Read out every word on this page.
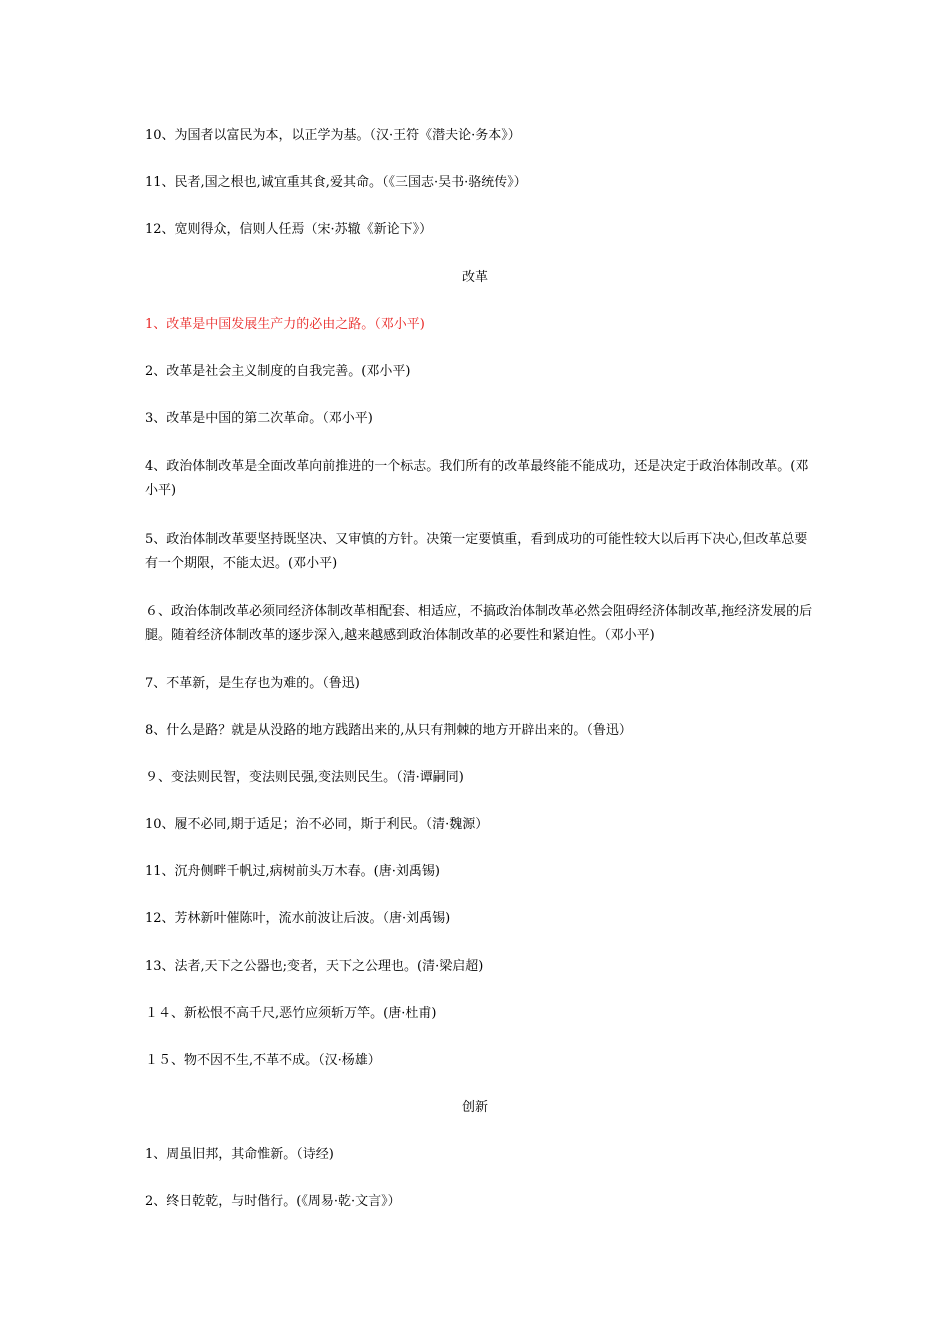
10、为国者以富民为本，以正学为基。（汉·王符《潜夫论·务本》）
11、民者,国之根也,诚宜重其食,爱其命。（《三国志·吴书·骆统传》）
12、宽则得众，信则人任焉（宋·苏辙《新论下》）
改革
1、改革是中国发展生产力的必由之路。（邓小平)
2、改革是社会主义制度的自我完善。(邓小平)
3、改革是中国的第二次革命。（邓小平)
4、政治体制改革是全面改革向前推进的一个标志。我们所有的改革最终能不能成功，还是决定于政治体制改革。(邓小平)
5、政治体制改革要坚持既坚决、又审慎的方针。决策一定要慎重，看到成功的可能性较大以后再下决心,但改革总要有一个期限，不能太迟。(邓小平)
６、政治体制改革必须同经济体制改革相配套、相适应，不搞政治体制改革必然会阻碍经济体制改革,拖经济发展的后腿。随着经济体制改革的逐步深入,越来越感到政治体制改革的必要性和紧迫性。（邓小平)
7、不革新，是生存也为难的。（鲁迅)
8、什么是路？就是从没路的地方践踏出来的,从只有荆棘的地方开辟出来的。（鲁迅）
９、变法则民智，变法则民强,变法则民生。（清·谭嗣同)
10、履不必同,期于适足；治不必同，斯于利民。（清·魏源）
11、沉舟侧畔千帆过,病树前头万木春。(唐·刘禹锡)
12、芳林新叶催陈叶，流水前波让后波。（唐·刘禹锡)
13、法者,天下之公器也;变者，天下之公理也。(清·梁启超)
１４、新松恨不高千尺,恶竹应须斩万竿。(唐·杜甫)
１５、物不因不生,不革不成。（汉·杨雄）
创新
1、周虽旧邦，其命惟新。（诗经)
2、终日乾乾，与时偕行。(《周易·乾·文言》）
